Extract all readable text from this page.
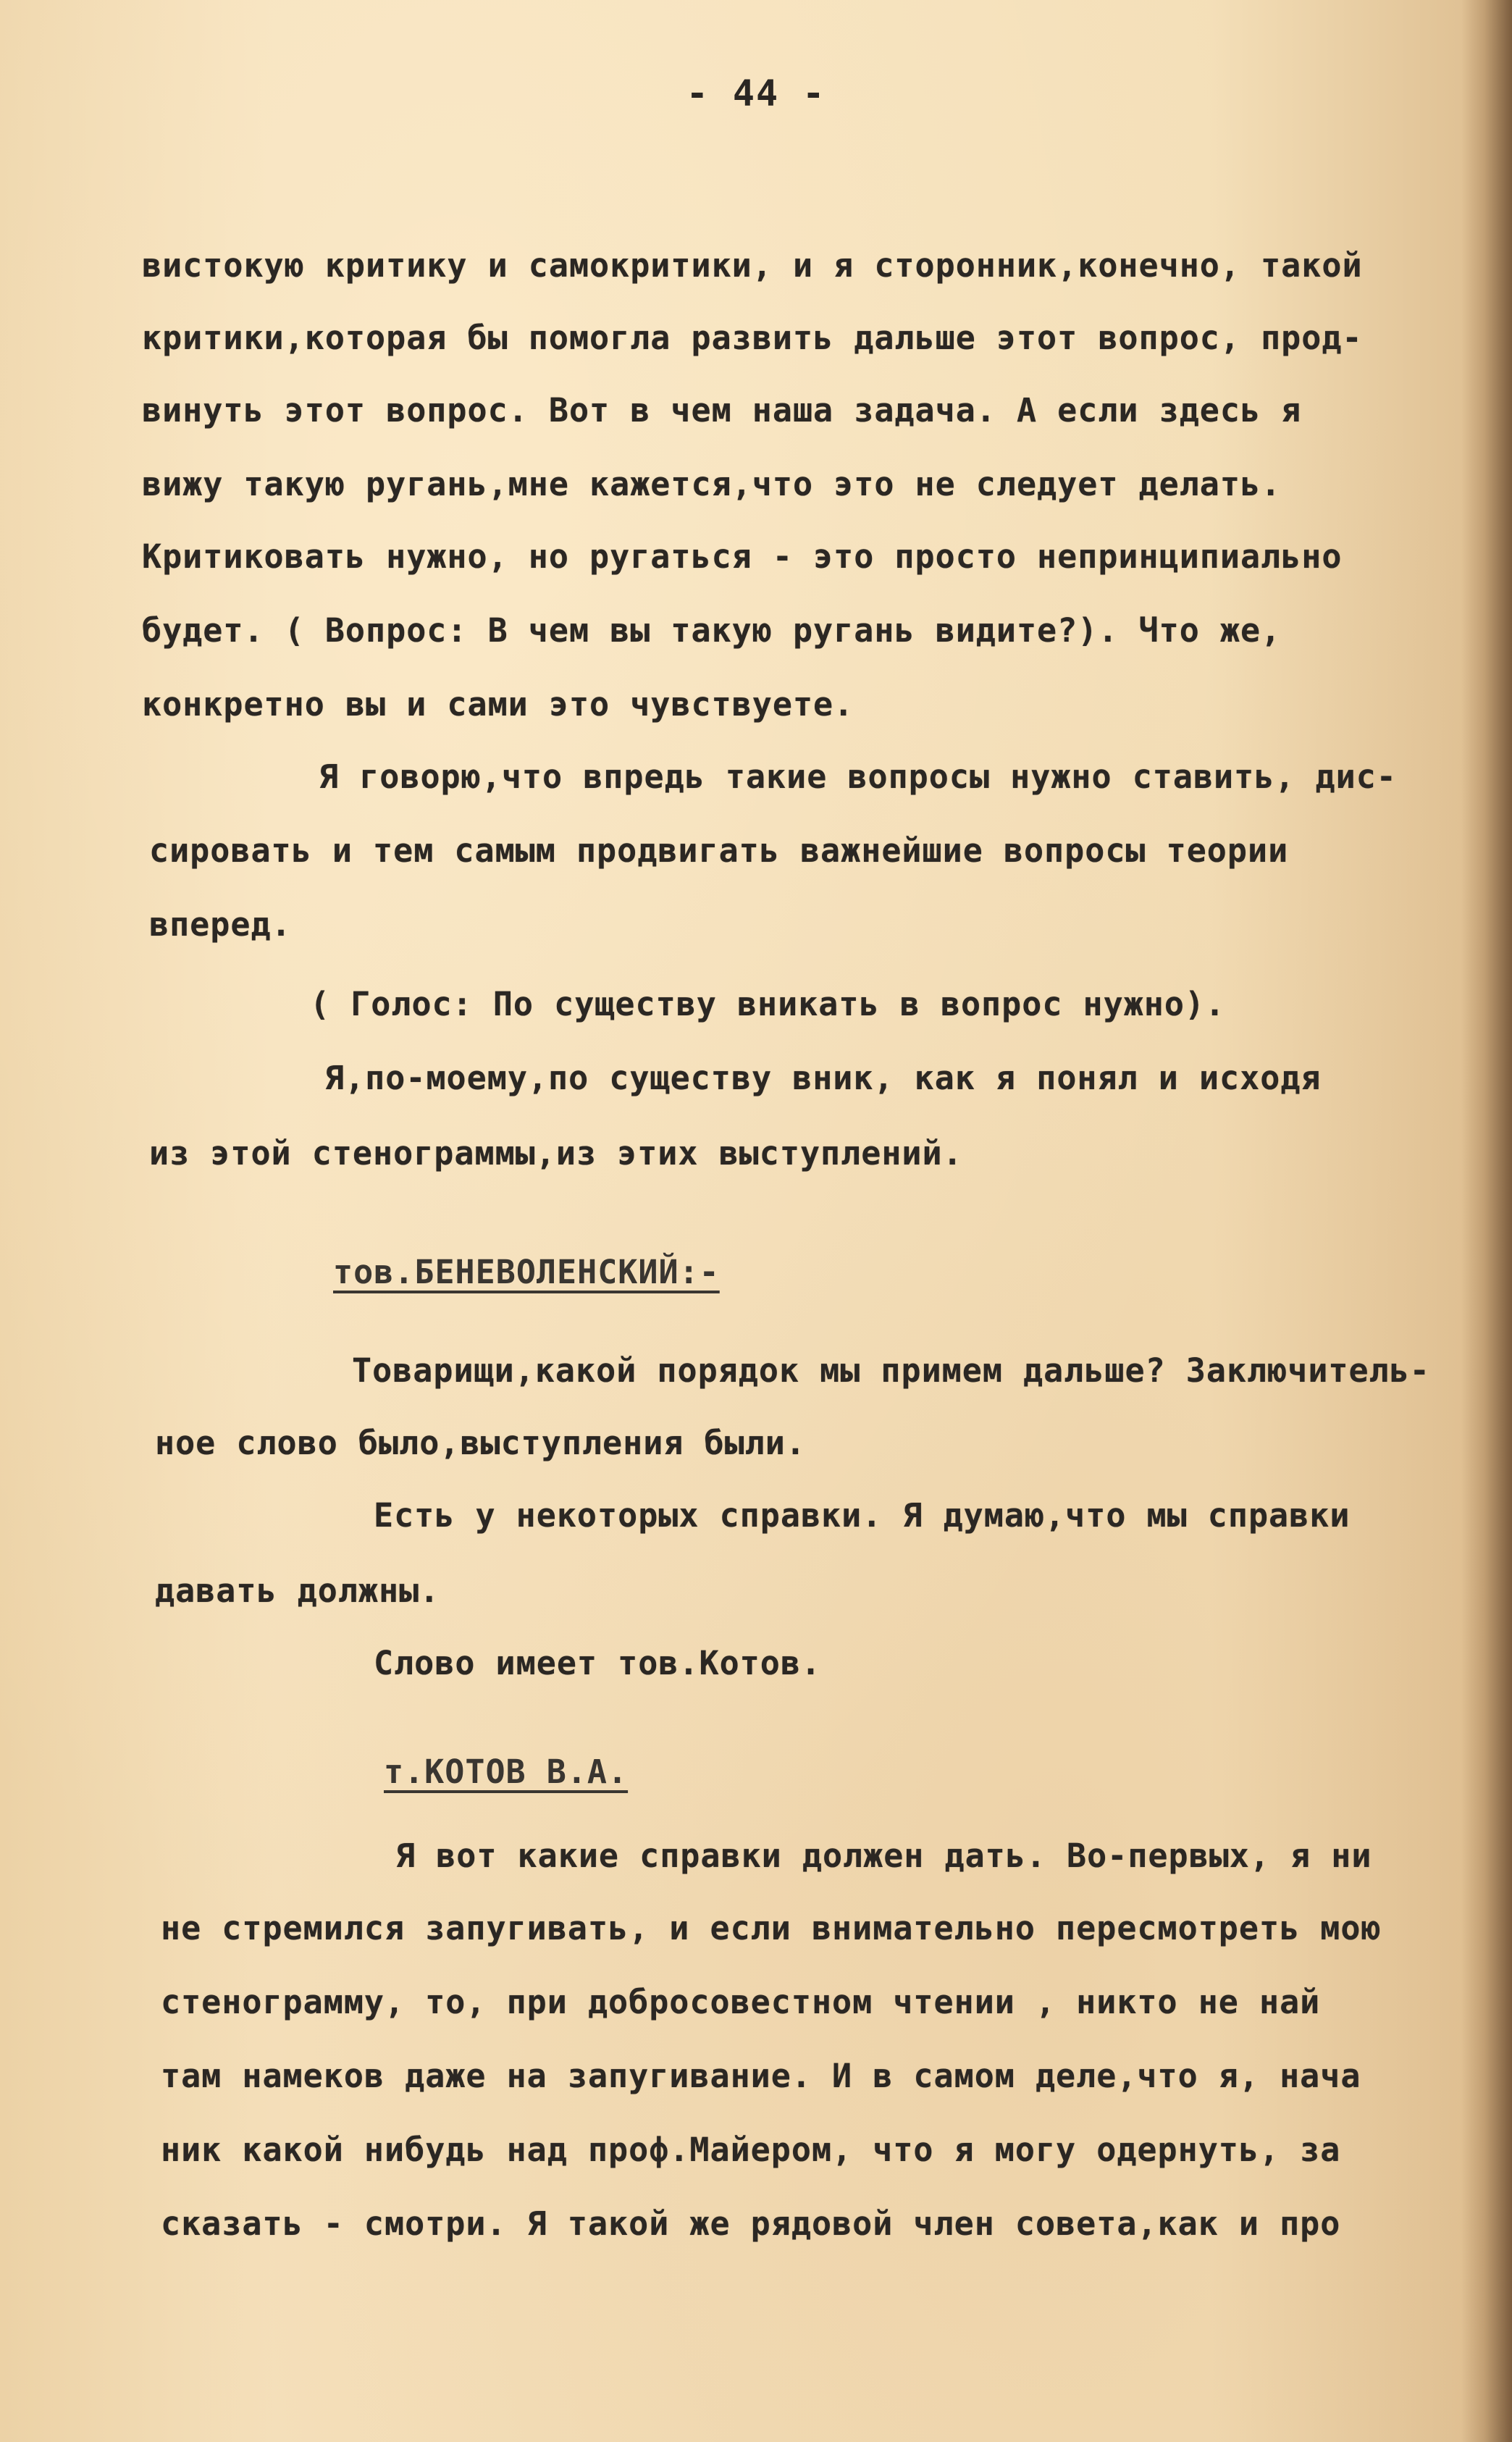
- 44 -
вистокую критику и самокритики, и я сторонник,конечно, такой
критики,которая бы помогла развить дальше этот вопрос, прод-
винуть этот вопрос. Вот в чем наша задача. А если здесь я
вижу такую ругань,мне кажется,что это не следует делать.
Критиковать нужно, но ругаться - это просто непринципиально
будет. ( Вопрос: В чем вы такую ругань видите?). Что же,
конкретно вы и сами это чувствуете.
Я говорю,что впредь такие вопросы нужно ставить, дис-
сировать и тем самым продвигать важнейшие вопросы теории
вперед.
( Голос: По существу вникать в вопрос нужно).
Я,по-моему,по существу вник, как я понял и исходя
из этой стенограммы,из этих выступлений.
тов.БЕНЕВОЛЕНСКИЙ:-
Товарищи,какой порядок мы примем дальше? Заключитель-
ное слово было,выступления были.
Есть у некоторых справки. Я думаю,что мы справки
давать должны.
Слово имеет тов.Котов.
т.КОТОВ В.А.
Я вот какие справки должен дать. Во-первых, я ни
не стремился запугивать, и если внимательно пересмотреть мою
стенограмму, то, при добросовестном чтении , никто не най
там намеков даже на запугивание. И в самом деле,что я, нача
ник какой нибудь над проф.Майером, что я могу одернуть, за
сказать - смотри. Я такой же рядовой член совета,как и про
